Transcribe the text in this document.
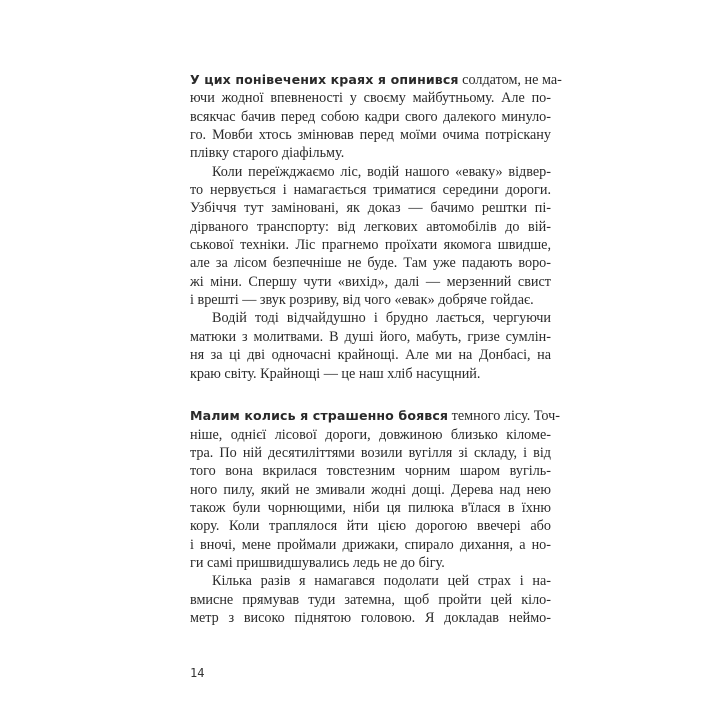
У цих понівечених краях я опинився солдатом, не ма-
ючи жодної впевненості у своєму майбутньому. Але по-
всякчас бачив перед собою кадри свого далекого минуло-
го. Мовби хтось змінював перед моїми очима потріскану
плівку старого діафільму.
Коли переїжджаємо ліс, водій нашого «еваку» відвер-
то нервується і намагається триматися середини дороги.
Узбіччя тут заміновані, як доказ — бачимо рештки пі-
дірваного транспорту: від легкових автомобілів до вій-
ськової техніки. Ліс прагнемо проїхати якомога швидше,
але за лісом безпечніше не буде. Там уже падають воро-
жі міни. Спершу чути «вихід», далі — мерзенний свист
і врешті — звук розриву, від чого «евак» добряче гойдає.
Водій тоді відчайдушно і брудно лається, чергуючи
матюки з молитвами. В душі його, мабуть, гризе сумлін-
ня за ці дві одночасні крайнощі. Але ми на Донбасі, на
краю світу. Крайнощі — це наш хліб насущний.
Малим колись я страшенно боявся темного лісу. Точ-
ніше, однієї лісової дороги, довжиною близько кіломе-
тра. По ній десятиліттями возили вугілля зі складу, і від
того вона вкрилася товстезним чорним шаром вугіль-
ного пилу, який не змивали жодні дощі. Дерева над нею
також були чорнющими, ніби ця пилюка в'їлася в їхню
кору. Коли траплялося йти цією дорогою ввечері або
і вночі, мене проймали дрижаки, спирало дихання, а но-
ги самі пришвидшувались ледь не до бігу.
Кілька разів я намагався подолати цей страх і на-
вмисне прямував туди затемна, щоб пройти цей кіло-
метр з високо піднятою головою. Я докладав неймо-
14
